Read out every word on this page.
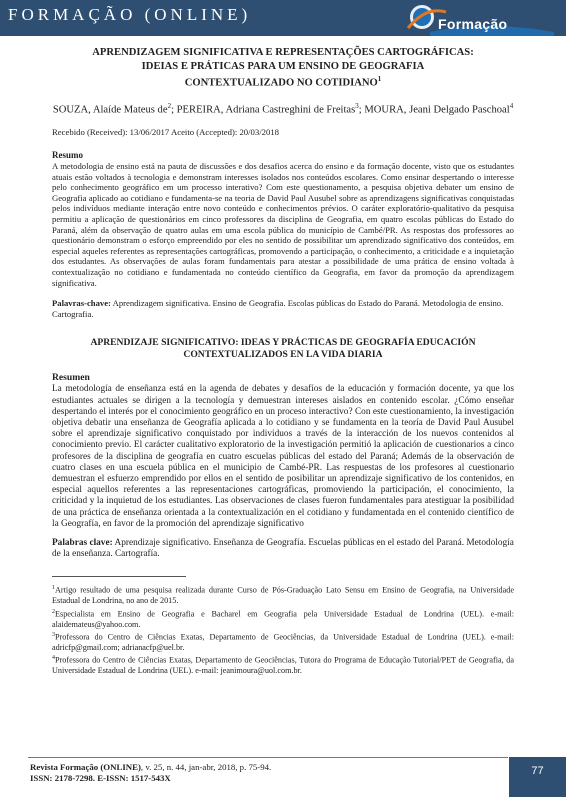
FORMAÇÃO (ONLINE)	Formação
APRENDIZAGEM SIGNIFICATIVA E REPRESENTAÇÕES CARTOGRÁFICAS:
IDEIAS E PRÁTICAS PARA UM ENSINO DE GEOGRAFIA
CONTEXTUALIZADO NO COTIDIANO$^1$
SOUZA, Alaíde Mateus $de^2$; PEREIRA, Adriana Castreghini de Freitas$^3$; MOURA, Jeani Delgado Paschoal$^4$
Recebido (Received): 13/06/2017 Aceito (Accepted): 20/03/2018
Resumo

A metodologia de ensino está na pauta de discussões e dos desafios acerca do ensino e da formação docente, visto que os estudantes atuais estão voltados à tecnologia e demonstram interesses isolados nos conteúdos escolares. Como ensinar despertando o interesse pelo conhecimento geográfico em um processo interativo? Com este questionamento, a pesquisa objetiva debater um ensino de Geografia aplicado ao cotidiano e fundamenta-se na teoria de David Paul Ausubel sobre as aprendizagens significativas conquistadas pelos indivíduos mediante interação entre novo conteúdo e conhecimentos prévios. O caráter exploratório-qualitativo da pesquisa permitiu a aplicação de questionários em cinco professores da disciplina de Geografia, em quatro escolas públicas do Estado do Paraná, além da observação de quatro aulas em uma escola pública do município de Cambé/PR. As respostas dos professores ao questionário demonstram o esforço empreendido por eles no sentido de possibilitar um aprendizado significativo dos conteúdos, em especial aqueles referentes as representações cartográficas, promovendo a participação, o conhecimento, a criticidade e a inquietação dos estudantes. As observações de aulas foram fundamentais para atestar a possibilidade de uma prática de ensino voltada à contextualização no cotidiano e fundamentada no conteúdo científico da Geografia, em favor da promoção da aprendizagem significativa.

Palavras-chave: Aprendizagem significativa. Ensino de Geografia. Escolas públicas do Estado do Paraná. Metodologia de ensino. Cartografia.
APRENDIZAJE SIGNIFICATIVO: IDEAS Y PRÁCTICAS DE GEOGRAFÍA EDUCACIÓN
CONTEXTUALIZADOS EN LA VIDA DIARIA
Resumen

La metodología de enseñanza está en la agenda de debates y desafíos de la educación y formación docente, ya que los estudiantes actuales se dirigen a la tecnología y demuestran intereses aislados en contenido escolar. ¿Cómo enseñar despertando el interés por el conocimiento geográfico en un proceso interactivo? Con este cuestionamiento, la investigación objetiva debatir una enseñanza de Geografía aplicada a lo cotidiano y se fundamenta en la teoría de David Paul Ausubel sobre el aprendizaje significativo conquistado por individuos a través de la interacción de los nuevos contenidos al conocimiento previo. El carácter cualitativo exploratorio de la investigación permitió la aplicación de cuestionarios a cinco profesores de la disciplina de geografía en cuatro escuelas públicas del estado del Paraná; Además de la observación de cuatro clases en una escuela pública en el municipio de Cambé-PR. Las respuestas de los profesores al cuestionario demuestran el esfuerzo emprendido por ellos en el sentido de posibilitar un aprendizaje significativo de los contenidos, en especial aquellos referentes a las representaciones cartográficas, promoviendo la participación, el conocimiento, la criticidad y la inquietud de los estudiantes. Las observaciones de clases fueron fundamentales para atestiguar la posibilidad de una práctica de enseñanza orientada a la contextualización en el cotidiano y fundamentada en el contenido científico de la Geografía, en favor de la promoción del aprendizaje significativo

Palabras clave: Aprendizaje significativo. Enseñanza de Geografía. Escuelas públicas en el estado del Paraná. Metodología de la enseñanza. Cartografía.

$^1$Artigo resultado de uma pesquisa realizada durante Curso de Pós-Graduação Lato Sensu em Ensino de Geografia, na Universidade Estadual de Londrina, no ano de 2015.

$^2$Especialista em Ensino de Geografia e Bacharel em Geografia pela Universidade Estadual de Londrina (UEL). e-mail: alaidemateus@yahoo.com.

$^3$Professora do Centro de Ciências Exatas, Departamento de Geociências, da Universidade Estadual de Londrina (UEL). e-mail: adricfp@gmail.com; adrianacfp@uel.br.

$^4$Professora do Centro de Ciências Exatas, Departamento de Geociências, Tutora do Programa de Educação Tutorial/PET de Geografia, da Universidade Estadual de Londrina (UEL). e-mail: jeanimoura@uol.com.br.

Revista Formação (ONLINE), v. 25, n. 44, jan-abr, 2018, p. 75-94.
ISSN: 2178-7298. E-ISSN: 1517-543X
77
